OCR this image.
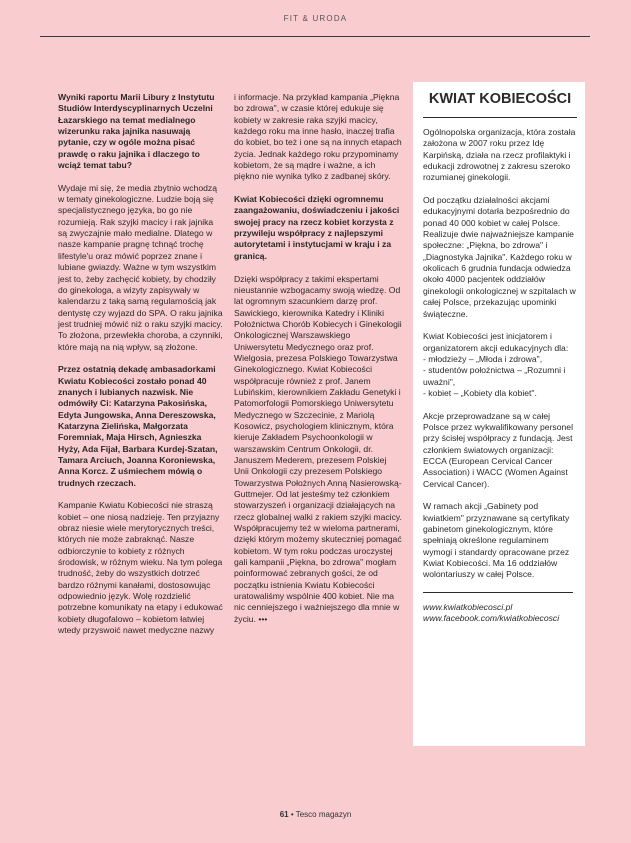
FIT & URODA

Wyniki raportu Marii Libury z Instytutu Studiów Interdyscyplinarnych Uczelni Łazarskiego na temat medialnego wizerunku raka jajnika nasuwają pytanie, czy w ogóle można pisać prawdę o raku jajnika i dlaczego to wciąż temat tabu?

Wydaje mi się, że media zbytnio wchodzą w tematy ginekologiczne. Ludzie boją się specjalistycznego języka, bo go nie rozumieją. Rak szyjki macicy i rak jajnika są zwyczajnie mało medialne. Dlatego w nasze kampanie pragnę tchnąć trochę lifestyle'u oraz mówić poprzez znane i lubiane gwiazdy. Ważne w tym wszystkim jest to, żeby zachęcić kobiety, by chodziły do ginekologa, a wizyty zapisywały w kalendarzu z taką samą regularnością jak dentystę czy wyjazd do SPA. O raku jajnika jest trudniej mówić niż o raku szyjki macicy. To złożona, przewlekła choroba, a czynniki, które mają na nią wpływ, są złożone.

Przez ostatnią dekadę ambasadorkami Kwiatu Kobiecości zostało ponad 40 znanych i lubianych nazwisk. Nie odmówiły Ci: Katarzyna Pakosińska, Edyta Jungowska, Anna Dereszowska, Katarzyna Zielińska, Małgorzata Foremniak, Maja Hirsch, Agnieszka Hyży, Ada Fijał, Barbara Kurdej-Szatan, Tamara Arciuch, Joanna Koroniewska, Anna Korcz. Z uśmiechem mówią o trudnych rzeczach.

Kampanie Kwiatu Kobiecości nie straszą kobiet – one niosą nadzieję. Ten przyjazny obraz niesie wiele merytorycznych treści, których nie może zabraknąć. Nasze odbiorczynie to kobiety z różnych środowisk, w różnym wieku. Na tym polega trudność, żeby do wszystkich dotrzeć bardzo różnymi kanałami, dostosowując odpowiednio język. Wolę rozdzielić potrzebne komunikaty na etapy i edukować kobiety długofalowo – kobietom łatwiej wtedy przyswoić nawet medyczne nazwy

i informacje. Na przykład kampania „Piękna bo zdrowa", w czasie której edukuje się kobiety w zakresie raka szyjki macicy, każdego roku ma inne hasło, inaczej trafia do kobiet, bo też i one są na innych etapach życia. Jednak każdego roku przypominamy kobietom, że są mądre i ważne, a ich piękno nie wynika tylko z zadbanej skóry.

Kwiat Kobiecości dzięki ogromnemu zaangażowaniu, doświadczeniu i jakości swojej pracy na rzecz kobiet korzysta z przywileju współpracy z najlepszymi autorytetami i instytucjami w kraju i za granicą.

Dzięki współpracy z takimi ekspertami nieustannie wzbogacamy swoją wiedzę. Od lat ogromnym szacunkiem darzę prof. Sawickiego, kierownika Katedry i Kliniki Położnictwa Chorób Kobiecych i Ginekologii Onkologicznej Warszawskiego Uniwersytetu Medycznego oraz prof. Wielgosia, prezesa Polskiego Towarzystwa Ginekologicznego. Kwiat Kobiecości współpracuje również z prof. Janem Lubińskim, kierownikiem Zakładu Genetyki i Patomorfologii Pomorskiego Uniwersytetu Medycznego w Szczecinie, z Mariolą Kosowicz, psychologiem klinicznym, która kieruje Zakładem Psychoonkologii w warszawskim Centrum Onkologii, dr. Januszem Mederem, prezesem Polskiej Unii Onkologii czy prezesem Polskiego Towarzystwa Położnych Anną Nasierowską-Guttmejer. Od lat jesteśmy też członkiem stowarzyszeń i organizacji działających na rzecz globalnej walki z rakiem szyjki macicy. Współpracujemy też w wieloma partnerami, dzięki którym możemy skuteczniej pomagać kobietom. W tym roku podczas uroczystej gali kampanii „Piękna, bo zdrowa" mogłam poinformować zebranych gości, że od początku istnienia Kwiatu Kobiecości uratowaliśmy wspólnie 400 kobiet. Nie ma nic cenniejszego i ważniejszego dla mnie w życiu. •••

KWIAT KOBIECOŚCI

Ogólnopolska organizacja, która została założona w 2007 roku przez Idę Karpińską, działa na rzecz profilaktyki i edukacji zdrowotnej z zakresu szeroko rozumianej ginekologii.

Od początku działalności akcjami edukacyjnymi dotarła bezpośrednio do ponad 40 000 kobiet w całej Polsce. Realizuje dwie najważniejsze kampanie społeczne: „Piękna, bo zdrowa" i „Diagnostyka Jajnika". Każdego roku w okolicach 6 grudnia fundacja odwiedza około 4000 pacjentek oddziałów ginekologii onkologicznej w szpitalach w całej Polsce, przekazując upominki świąteczne.

Kwiat Kobiecości jest inicjatorem i organizatorem akcji edukacyjnych dla:
- młodzieży – „Młoda i zdrowa",
- studentów położnictwa – „Rozumni i uważni",
- kobiet – „Kobiety dla kobiet".

Akcje przeprowadzane są w całej Polsce przez wykwalifikowany personel przy ścisłej współpracy z fundacją. Jest członkiem światowych organizacji: ECCA (European Cervical Cancer Association) i WACC (Women Against Cervical Cancer).

W ramach akcji „Gabinety pod kwiatkiem" przyznawane są certyfikaty gabinetom ginekologicznym, które spełniają określone regulaminem wymogi i standardy opracowane przez Kwiat Kobiecości. Ma 16 oddziałów wolontariuszy w całej Polsce.

www.kwiatkobiecosci.pl
www.facebook.com/kwiatkobiecosci
61 • Tesco magazyn
